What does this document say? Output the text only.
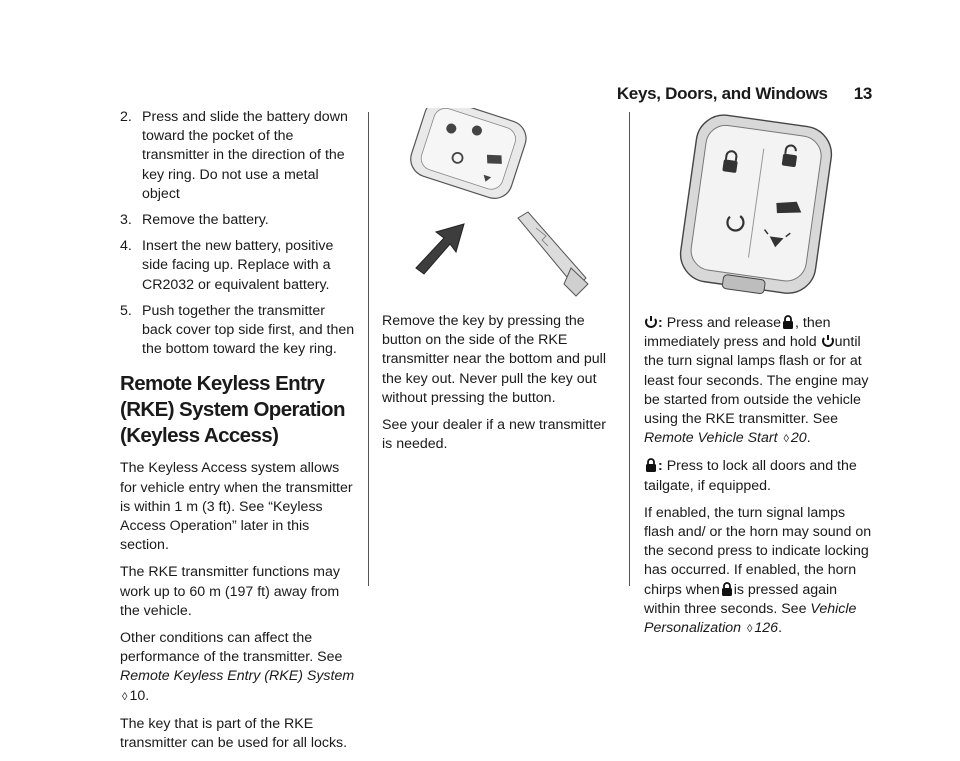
Keys, Doors, and Windows 13
2. Press and slide the battery down toward the pocket of the transmitter in the direction of the key ring. Do not use a metal object
3. Remove the battery.
4. Insert the new battery, positive side facing up. Replace with a CR2032 or equivalent battery.
5. Push together the transmitter back cover top side first, and then the bottom toward the key ring.
Remote Keyless Entry (RKE) System Operation (Keyless Access)

The Keyless Access system allows for vehicle entry when the transmitter is within 1 m (3 ft). See “Keyless Access Operation” later in this section.

The RKE transmitter functions may work up to 60 m (197 ft) away from the vehicle.

Other conditions can affect the performance of the transmitter. See Remote Keyless Entry (RKE) System ◊ 10.

The key that is part of the RKE transmitter can be used for all locks.

Remove the key by pressing the button on the side of the RKE transmitter near the bottom and pull the key out. Never pull the key out without pressing the button.

See your dealer if a new transmitter is needed.

: Press and release , then immediately press and hold until the turn signal lamps flash or for at least four seconds. The engine may be started from outside the vehicle using the RKE transmitter. See Remote Vehicle Start ◊ 20.

: Press to lock all doors and the tailgate, if equipped.

If enabled, the turn signal lamps flash and/ or the horn may sound on the second press to indicate locking has occurred. If enabled, the horn chirps when is pressed again within three seconds. See Vehicle Personalization ◊ 126.
